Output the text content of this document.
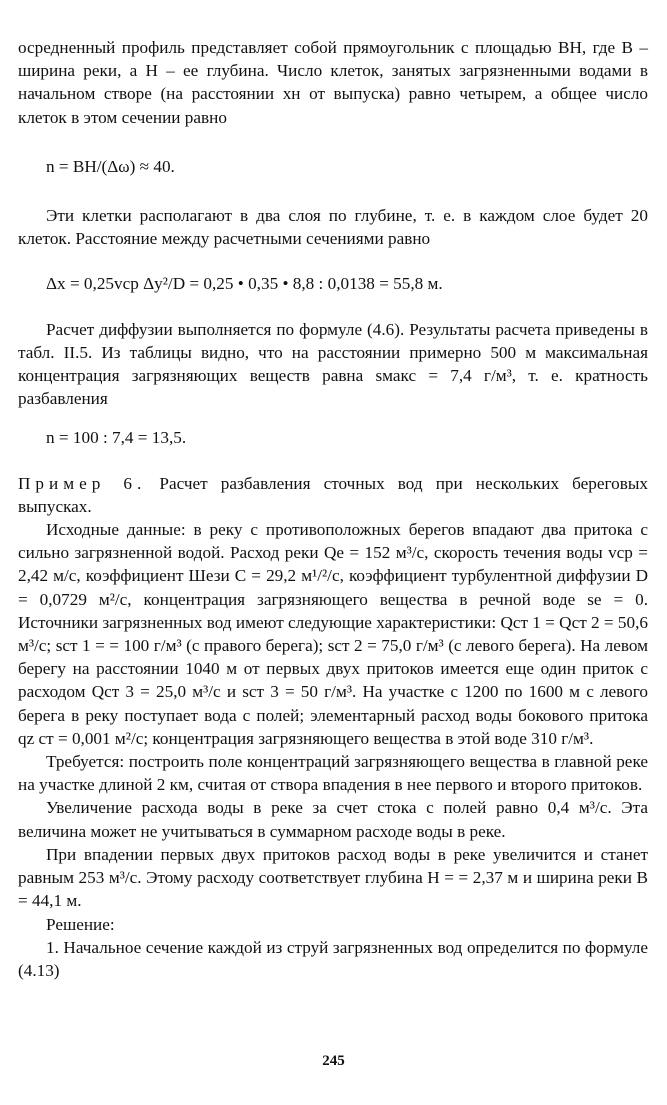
осредненный профиль представляет собой прямоугольник с площадью BH, где B – ширина реки, а H – ее глубина. Число клеток, занятых загрязненными водами в начальном створе (на расстоянии xн от выпуска) равно четырем, а общее число клеток в этом сечении равно

n = BH/(Δω) ≈ 40.

Эти клетки располагают в два слоя по глубине, т. е. в каждом слое будет 20 клеток. Расстояние между расчетными сечениями равно

Δx = 0,25vср Δy²/D = 0,25 • 0,35 • 8,8 : 0,0138 = 55,8 м.

Расчет диффузии выполняется по формуле (4.6). Результаты расчета приведены в табл. II.5. Из таблицы видно, что на расстоянии примерно 500 м максимальная концентрация загрязняющих веществ равна sмакс = 7,4 г/м³, т. е. кратность разбавления

n = 100 : 7,4 = 13,5.

Пример 6. Расчет разбавления сточных вод при нескольких береговых выпусках.

Исходные данные: в реку с противоположных берегов впадают два притока с сильно загрязненной водой. Расход реки Qе = 152 м³/с, скорость течения воды vср = 2,42 м/с, коэффициент Шези C = 29,2 м¹/²/с, коэффициент турбулентной диффузии D = 0,0729 м²/с, концентрация загрязняющего вещества в речной воде sе = 0. Источники загрязненных вод имеют следующие характеристики: Qст 1 = Qст 2 = 50,6 м³/с; sст 1 = = 100 г/м³ (с правого берега); sст 2 = 75,0 г/м³ (с левого берега). На левом берегу на расстоянии 1040 м от первых двух притоков имеется еще один приток с расходом Qст 3 = 25,0 м³/с и sст 3 = 50 г/м³. На участке с 1200 по 1600 м с левого берега в реку поступает вода с полей; элементарный расход воды бокового притока qz ст = 0,001 м²/с; концентрация загрязняющего вещества в этой воде 310 г/м³.

Требуется: построить поле концентраций загрязняющего вещества в главной реке на участке длиной 2 км, считая от створа впадения в нее первого и второго притоков.

Увеличение расхода воды в реке за счет стока с полей равно 0,4 м³/с. Эта величина может не учитываться в суммарном расходе воды в реке.

При впадении первых двух притоков расход воды в реке увеличится и станет равным 253 м³/с. Этому расходу соответствует глубина H = = 2,37 м и ширина реки B = 44,1 м.

Решение:

1. Начальное сечение каждой из струй загрязненных вод определится по формуле (4.13)

245
